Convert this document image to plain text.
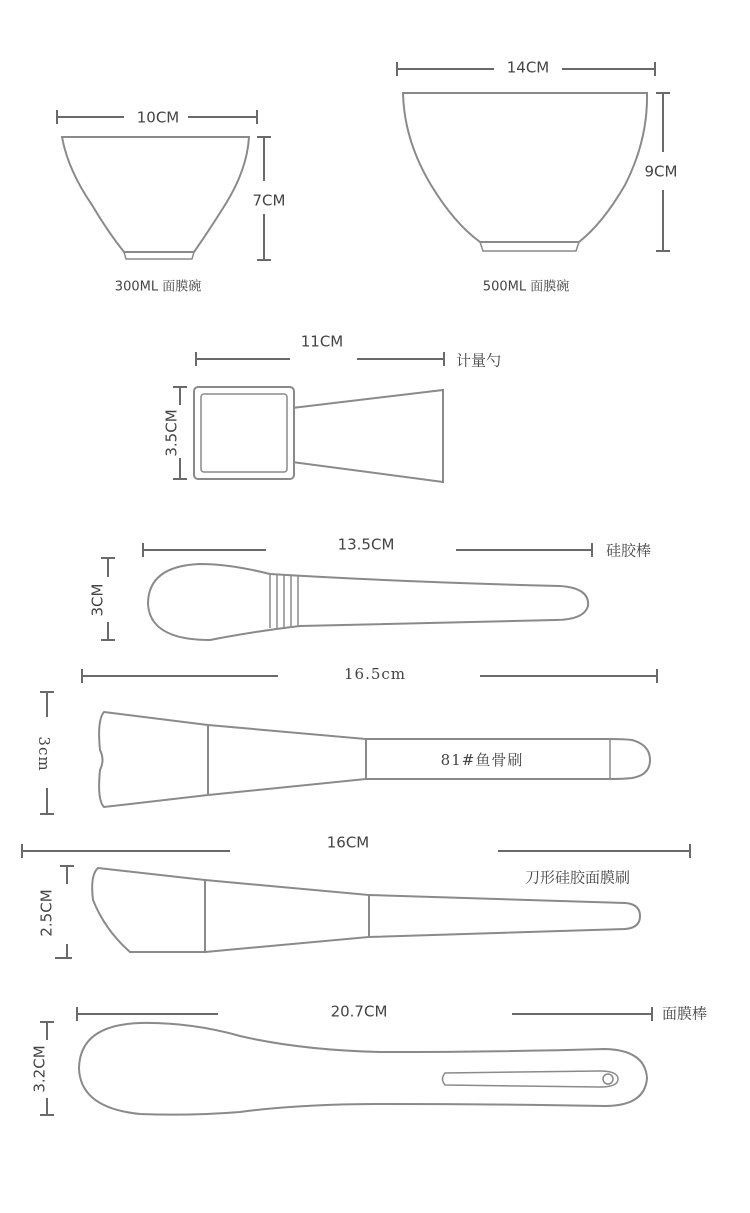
10CM
7CM
300ML 面膜碗
14CM
9CM
500ML 面膜碗
11CM
计量勺
3.5CM
13.5CM	硅胶棒
3CM
16.5cm
81#鱼骨刷
3cm
16CM
刀形硅胶面膜刷
2.5CM
20.7CM	面膜棒
3.2CM
